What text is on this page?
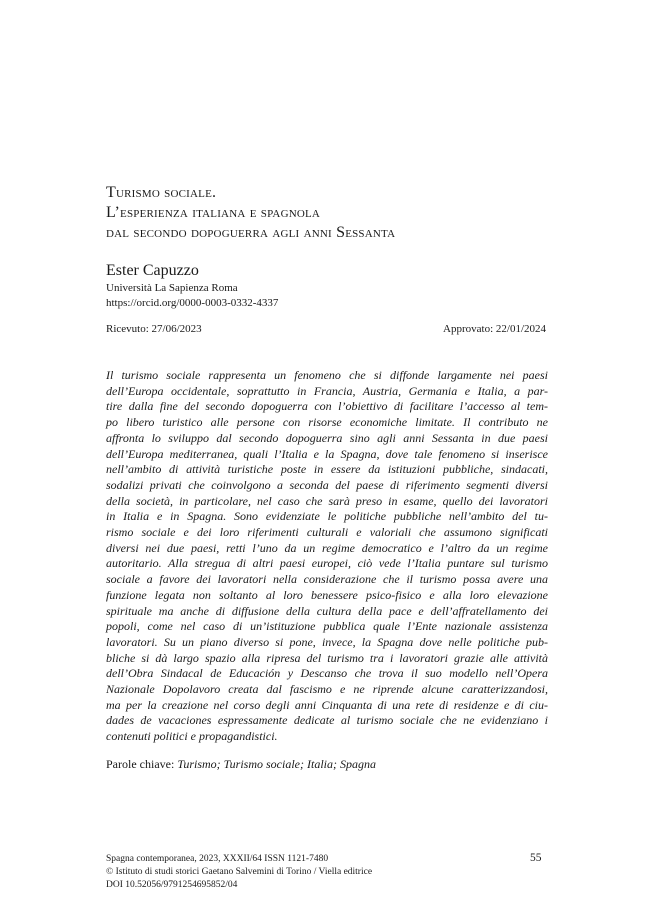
Turismo sociale.
L’esperienza italiana e spagnola
dal secondo dopoguerra agli anni Sessanta
Ester Capuzzo
Università La Sapienza Roma
https://orcid.org/0000-0003-0332-4337
Ricevuto: 27/06/2023	Approvato: 22/01/2024
Il turismo sociale rappresenta un fenomeno che si diffonde largamente nei paesi
dell’Europa occidentale, soprattutto in Francia, Austria, Germania e Italia, a par-
tire dalla fine del secondo dopoguerra con l’obiettivo di facilitare l’accesso al tem-
po libero turistico alle persone con risorse economiche limitate. Il contributo ne
affronta lo sviluppo dal secondo dopoguerra sino agli anni Sessanta in due paesi
dell’Europa mediterranea, quali l’Italia e la Spagna, dove tale fenomeno si inserisce
nell’ambito di attività turistiche poste in essere da istituzioni pubbliche, sindacati,
sodalizi privati che coinvolgono a seconda del paese di riferimento segmenti diversi
della società, in particolare, nel caso che sarà preso in esame, quello dei lavoratori
in Italia e in Spagna. Sono evidenziate le politiche pubbliche nell’ambito del tu-
rismo sociale e dei loro riferimenti culturali e valoriali che assumono significati
diversi nei due paesi, retti l’uno da un regime democratico e l’altro da un regime
autoritario. Alla stregua di altri paesi europei, ciò vede l’Italia puntare sul turismo
sociale a favore dei lavoratori nella considerazione che il turismo possa avere una
funzione legata non soltanto al loro benessere psico-fisico e alla loro elevazione
spirituale ma anche di diffusione della cultura della pace e dell’affratellamento dei
popoli, come nel caso di un’istituzione pubblica quale l’Ente nazionale assistenza
lavoratori. Su un piano diverso si pone, invece, la Spagna dove nelle politiche pub-
bliche si dà largo spazio alla ripresa del turismo tra i lavoratori grazie alle attività
dell’Obra Sindacal de Educación y Descanso che trova il suo modello nell’Opera
Nazionale Dopolavoro creata dal fascismo e ne riprende alcune caratterizzandosi,
ma per la creazione nel corso degli anni Cinquanta di una rete di residenze e di ciu-
dades de vacaciones espressamente dedicate al turismo sociale che ne evidenziano i
contenuti politici e propagandistici.
Parole chiave: Turismo; Turismo sociale; Italia; Spagna
Spagna contemporanea, 2023, XXXII/64 ISSN 1121-7480
© Istituto di studi storici Gaetano Salvemini di Torino / Viella editrice
DOI 10.52056/9791254695852/04
55
